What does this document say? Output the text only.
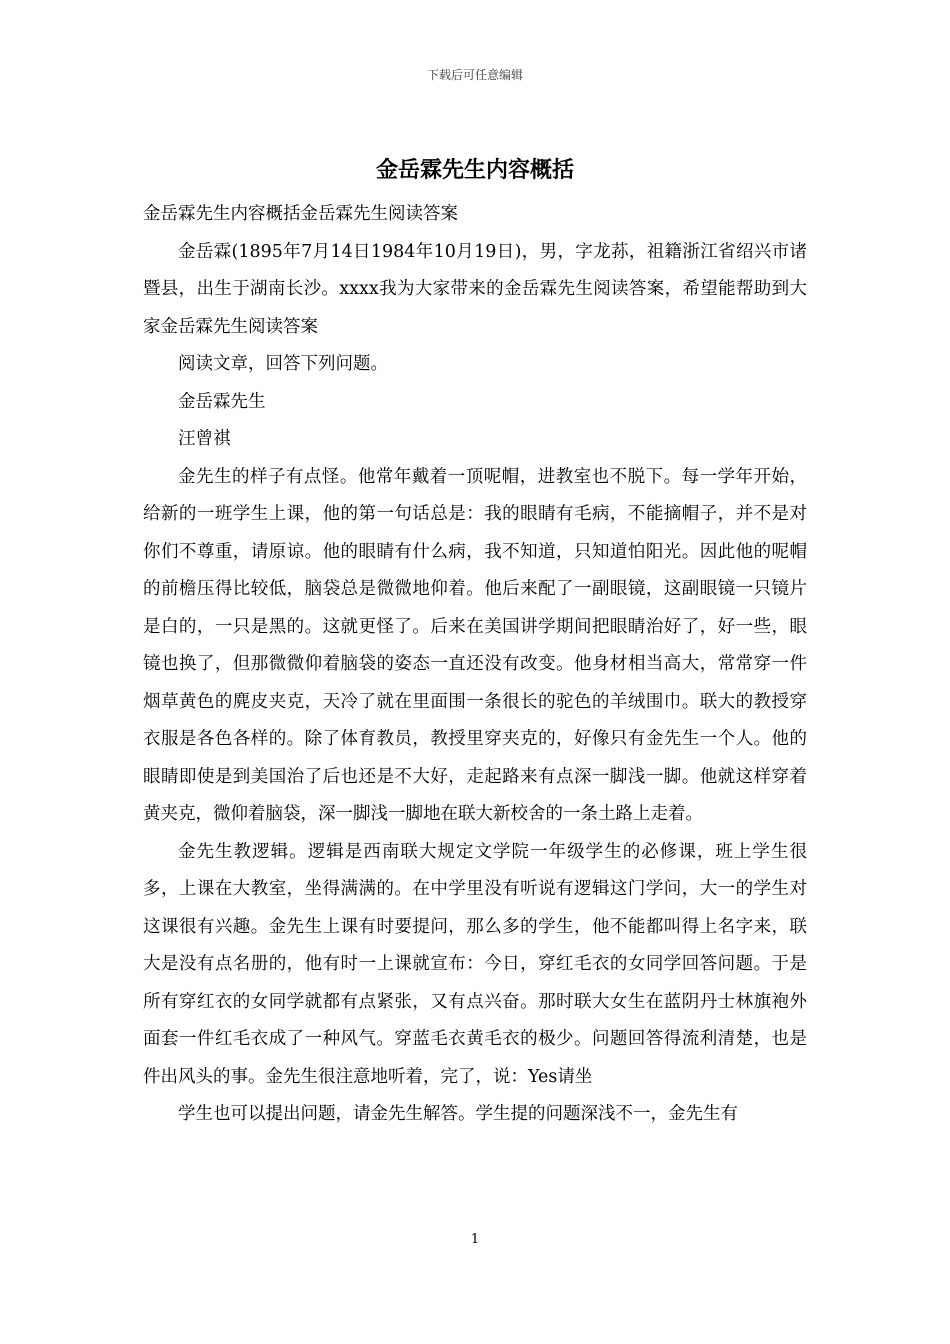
下载后可任意编辑
金岳霖先生内容概括

金岳霖先生内容概括金岳霖先生阅读答案

金岳霖(1895年7月14日1984年10月19日)，男，字龙荪，祖籍浙江省绍兴市诸暨县，出生于湖南长沙。xxxx我为大家带来的金岳霖先生阅读答案，希望能帮助到大家金岳霖先生阅读答案

阅读文章，回答下列问题。

金岳霖先生

汪曾祺

金先生的样子有点怪。他常年戴着一顶呢帽，进教室也不脱下。每一学年开始，给新的一班学生上课，他的第一句话总是：我的眼睛有毛病，不能摘帽子，并不是对你们不尊重，请原谅。他的眼睛有什么病，我不知道，只知道怕阳光。因此他的呢帽的前檐压得比较低，脑袋总是微微地仰着。他后来配了一副眼镜，这副眼镜一只镜片是白的，一只是黑的。这就更怪了。后来在美国讲学期间把眼睛治好了，好一些，眼镜也换了，但那微微仰着脑袋的姿态一直还没有改变。他身材相当高大，常常穿一件烟草黄色的麂皮夹克，天冷了就在里面围一条很长的驼色的羊绒围巾。联大的教授穿衣服是各色各样的。除了体育教员，教授里穿夹克的，好像只有金先生一个人。他的眼睛即使是到美国治了后也还是不大好，走起路来有点深一脚浅一脚。他就这样穿着黄夹克，微仰着脑袋，深一脚浅一脚地在联大新校舍的一条土路上走着。

金先生教逻辑。逻辑是西南联大规定文学院一年级学生的必修课，班上学生很多，上课在大教室，坐得满满的。在中学里没有听说有逻辑这门学问，大一的学生对这课很有兴趣。金先生上课有时要提问，那么多的学生，他不能都叫得上名字来，联大是没有点名册的，他有时一上课就宣布：今日，穿红毛衣的女同学回答问题。于是所有穿红衣的女同学就都有点紧张，又有点兴奋。那时联大女生在蓝阴丹士林旗袍外面套一件红毛衣成了一种风气。穿蓝毛衣黄毛衣的极少。问题回答得流利清楚，也是件出风头的事。金先生很注意地听着，完了，说：Yes请坐

学生也可以提出问题，请金先生解答。学生提的问题深浅不一，金先生有

1
